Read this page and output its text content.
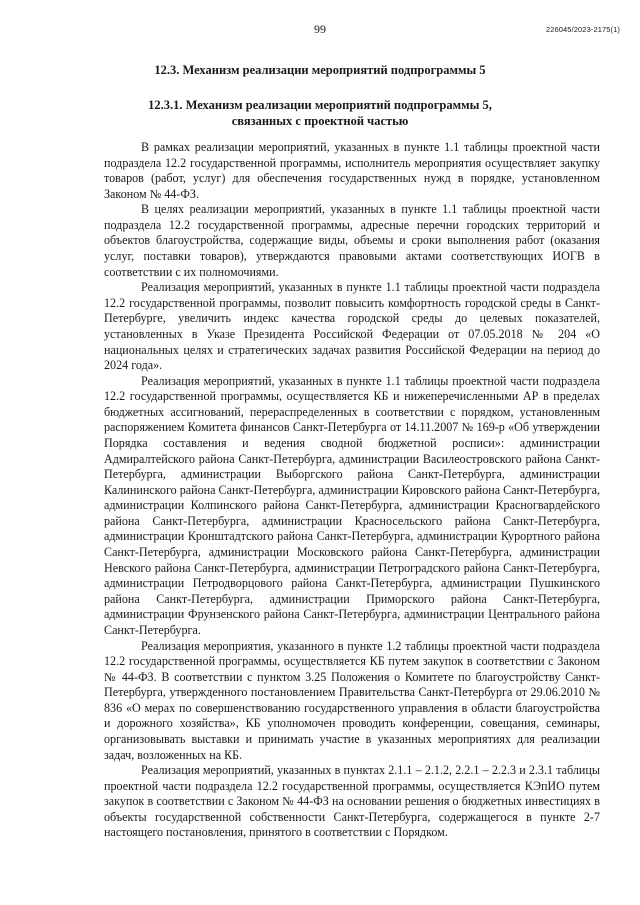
99	226045/2023-2175(1)
12.3. Механизм реализации мероприятий подпрограммы 5
12.3.1. Механизм реализации мероприятий подпрограммы 5,
связанных с проектной частью

В рамках реализации мероприятий, указанных в пункте 1.1 таблицы проектной части подраздела 12.2 государственной программы, исполнитель мероприятия осуществляет закупку товаров (работ, услуг) для обеспечения государственных нужд в порядке, установленном Законом № 44-ФЗ.

В целях реализации мероприятий, указанных в пункте 1.1 таблицы проектной части подраздела 12.2 государственной программы, адресные перечни городских территорий и объектов благоустройства, содержащие виды, объемы и сроки выполнения работ (оказания услуг, поставки товаров), утверждаются правовыми актами соответствующих ИОГВ в соответствии с их полномочиями.

Реализация мероприятий, указанных в пункте 1.1 таблицы проектной части подраздела 12.2 государственной программы, позволит повысить комфортность городской среды в Санкт-Петербурге, увеличить индекс качества городской среды до целевых показателей, установленных в Указе Президента Российской Федерации от 07.05.2018 № 204 «О национальных целях и стратегических задачах развития Российской Федерации на период до 2024 года».

Реализация мероприятий, указанных в пункте 1.1 таблицы проектной части подраздела 12.2 государственной программы, осуществляется КБ и нижеперечисленными АР в пределах бюджетных ассигнований, перераспределенных в соответствии с порядком, установленным распоряжением Комитета финансов Санкт-Петербурга от 14.11.2007 № 169-р «Об утверждении Порядка составления и ведения сводной бюджетной росписи»: администрации Адмиралтейского района Санкт-Петербурга, администрации Василеостровского района Санкт-Петербурга, администрации Выборгского района Санкт-Петербурга, администрации Калининского района Санкт-Петербурга, администрации Кировского района Санкт-Петербурга, администрации Колпинского района Санкт-Петербурга, администрации Красногвардейского района Санкт-Петербурга, администрации Красносельского района Санкт-Петербурга, администрации Кронштадтского района Санкт-Петербурга, администрации Курортного района Санкт-Петербурга, администрации Московского района Санкт-Петербурга, администрации Невского района Санкт-Петербурга, администрации Петроградского района Санкт-Петербурга, администрации Петродворцового района Санкт-Петербурга, администрации Пушкинского района Санкт-Петербурга, администрации Приморского района Санкт-Петербурга, администрации Фрунзенского района Санкт-Петербурга, администрации Центрального района Санкт-Петербурга.

Реализация мероприятия, указанного в пункте 1.2 таблицы проектной части подраздела 12.2 государственной программы, осуществляется КБ путем закупок в соответствии с Законом № 44-ФЗ. В соответствии с пунктом 3.25 Положения о Комитете по благоустройству Санкт-Петербурга, утвержденного постановлением Правительства Санкт-Петербурга от 29.06.2010 № 836 «О мерах по совершенствованию государственного управления в области благоустройства и дорожного хозяйства», КБ уполномочен проводить конференции, совещания, семинары, организовывать выставки и принимать участие в указанных мероприятиях для реализации задач, возложенных на КБ.

Реализация мероприятий, указанных в пунктах 2.1.1 – 2.1.2, 2.2.1 – 2.2.3 и 2.3.1 таблицы проектной части подраздела 12.2 государственной программы, осуществляется КЭпИО путем закупок в соответствии с Законом № 44-ФЗ на основании решения о бюджетных инвестициях в объекты государственной собственности Санкт-Петербурга, содержащегося в пункте 2-7 настоящего постановления, принятого в соответствии с Порядком.
